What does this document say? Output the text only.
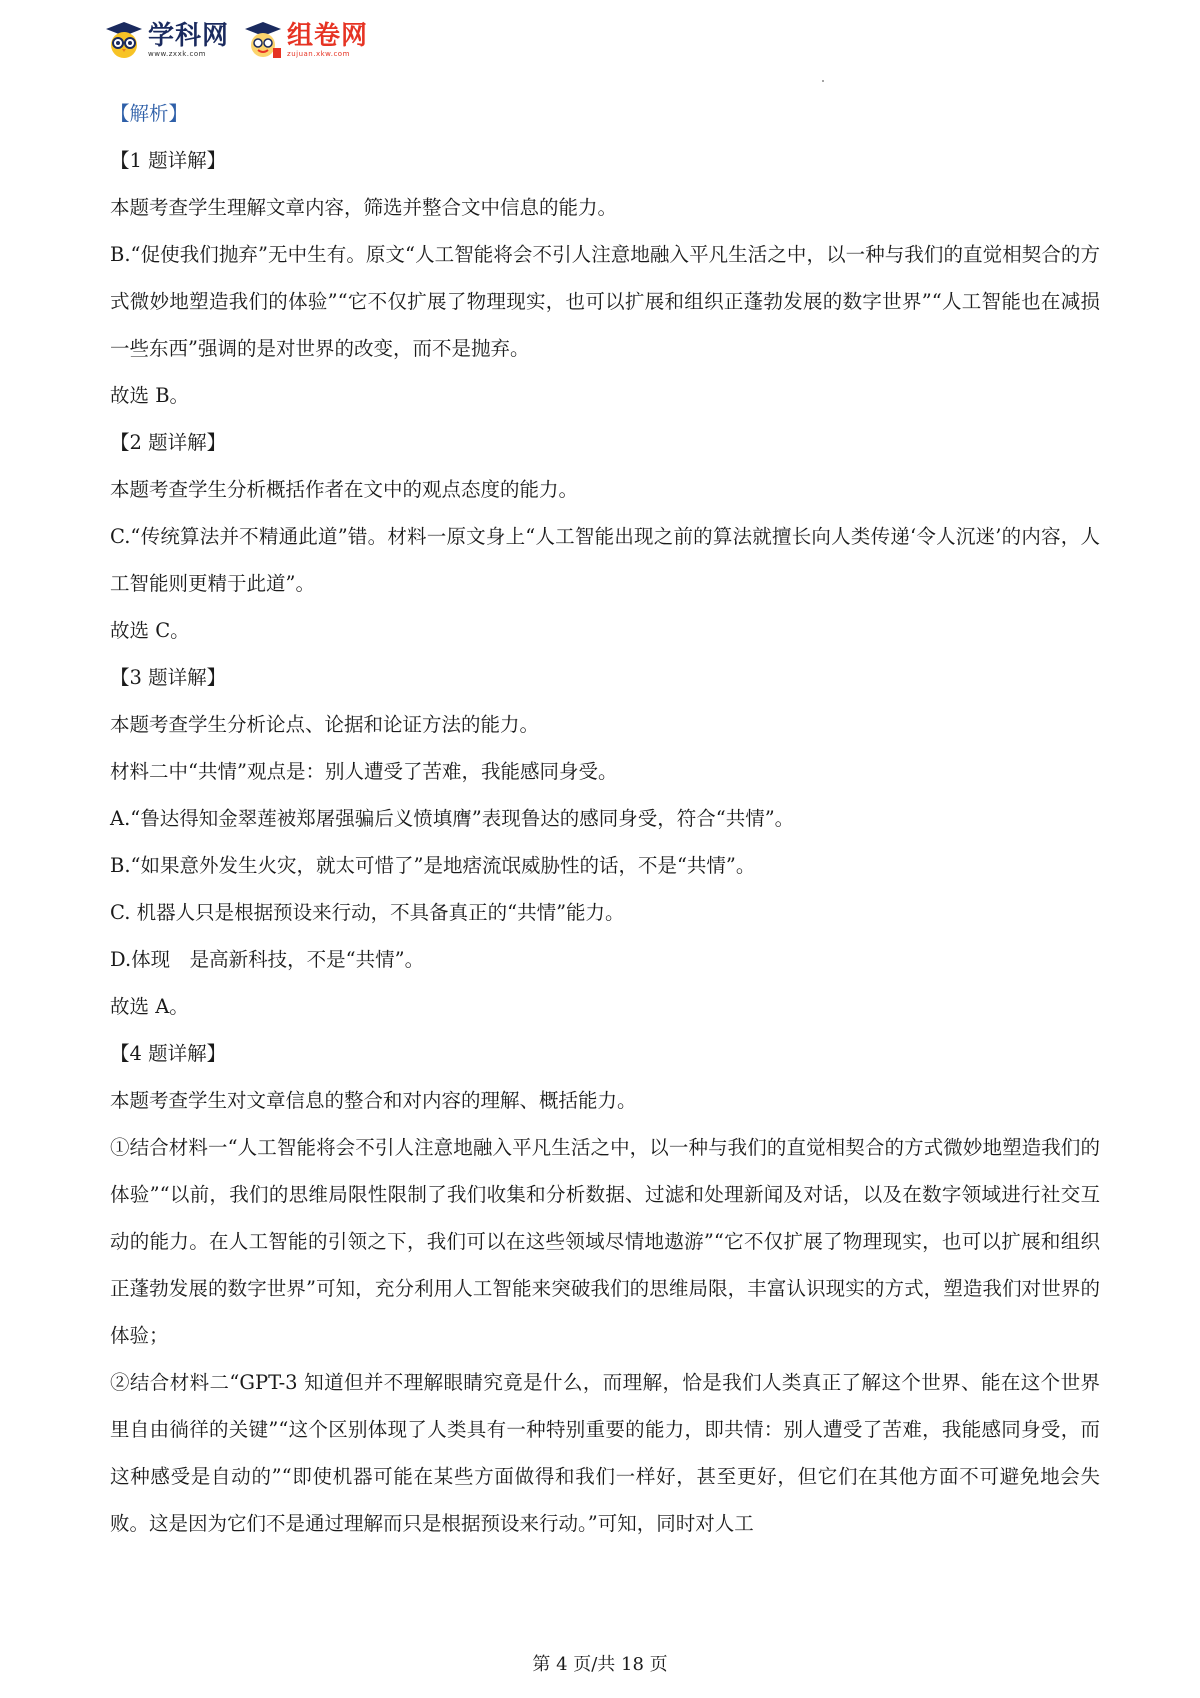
学科网
www.zxxk.com
组卷网
zujuan.xkw.com

【解析】

【1 题详解】

本题考查学生理解文章内容，筛选并整合文中信息的能力。

B.“促使我们抛弃”无中生有。原文“人工智能将会不引人注意地融入平凡生活之中，以一种与我们的直觉相契合的方式微妙地塑造我们的体验”“它不仅扩展了物理现实，也可以扩展和组织正蓬勃发展的数字世界”“人工智能也在减损一些东西”强调的是对世界的改变，而不是抛弃。

故选 B。

【2 题详解】

本题考查学生分析概括作者在文中的观点态度的能力。

C.“传统算法并不精通此道”错。材料一原文身上“人工智能出现之前的算法就擅长向人类传递‘令人沉迷’的内容，人工智能则更精于此道”。

故选 C。

【3 题详解】

本题考查学生分析论点、论据和论证方法的能力。

材料二中“共情”观点是：别人遭受了苦难，我能感同身受。

A.“鲁达得知金翠莲被郑屠强骗后义愤填膺”表现鲁达的感同身受，符合“共情”。

B.“如果意外发生火灾，就太可惜了”是地痞流氓威胁性的话，不是“共情”。

C. 机器人只是根据预设来行动，不具备真正的“共情”能力。

D.体现　是高新科技，不是“共情”。

故选 A。

【4 题详解】

本题考查学生对文章信息的整合和对内容的理解、概括能力。

①结合材料一“人工智能将会不引人注意地融入平凡生活之中，以一种与我们的直觉相契合的方式微妙地塑造我们的体验”“以前，我们的思维局限性限制了我们收集和分析数据、过滤和处理新闻及对话，以及在数字领域进行社交互动的能力。在人工智能的引领之下，我们可以在这些领域尽情地遨游”“它不仅扩展了物理现实，也可以扩展和组织正蓬勃发展的数字世界”可知，充分利用人工智能来突破我们的思维局限，丰富认识现实的方式，塑造我们对世界的体验；

②结合材料二“GPT-3 知道但并不理解眼睛究竟是什么，而理解，恰是我们人类真正了解这个世界、能在这个世界里自由徜徉的关键”“这个区别体现了人类具有一种特别重要的能力，即共情：别人遭受了苦难，我能感同身受，而这种感受是自动的”“即使机器可能在某些方面做得和我们一样好，甚至更好，但它们在其他方面不可避免地会失败。这是因为它们不是通过理解而只是根据预设来行动。”可知，同时对人工

第 4 页/共 18 页
